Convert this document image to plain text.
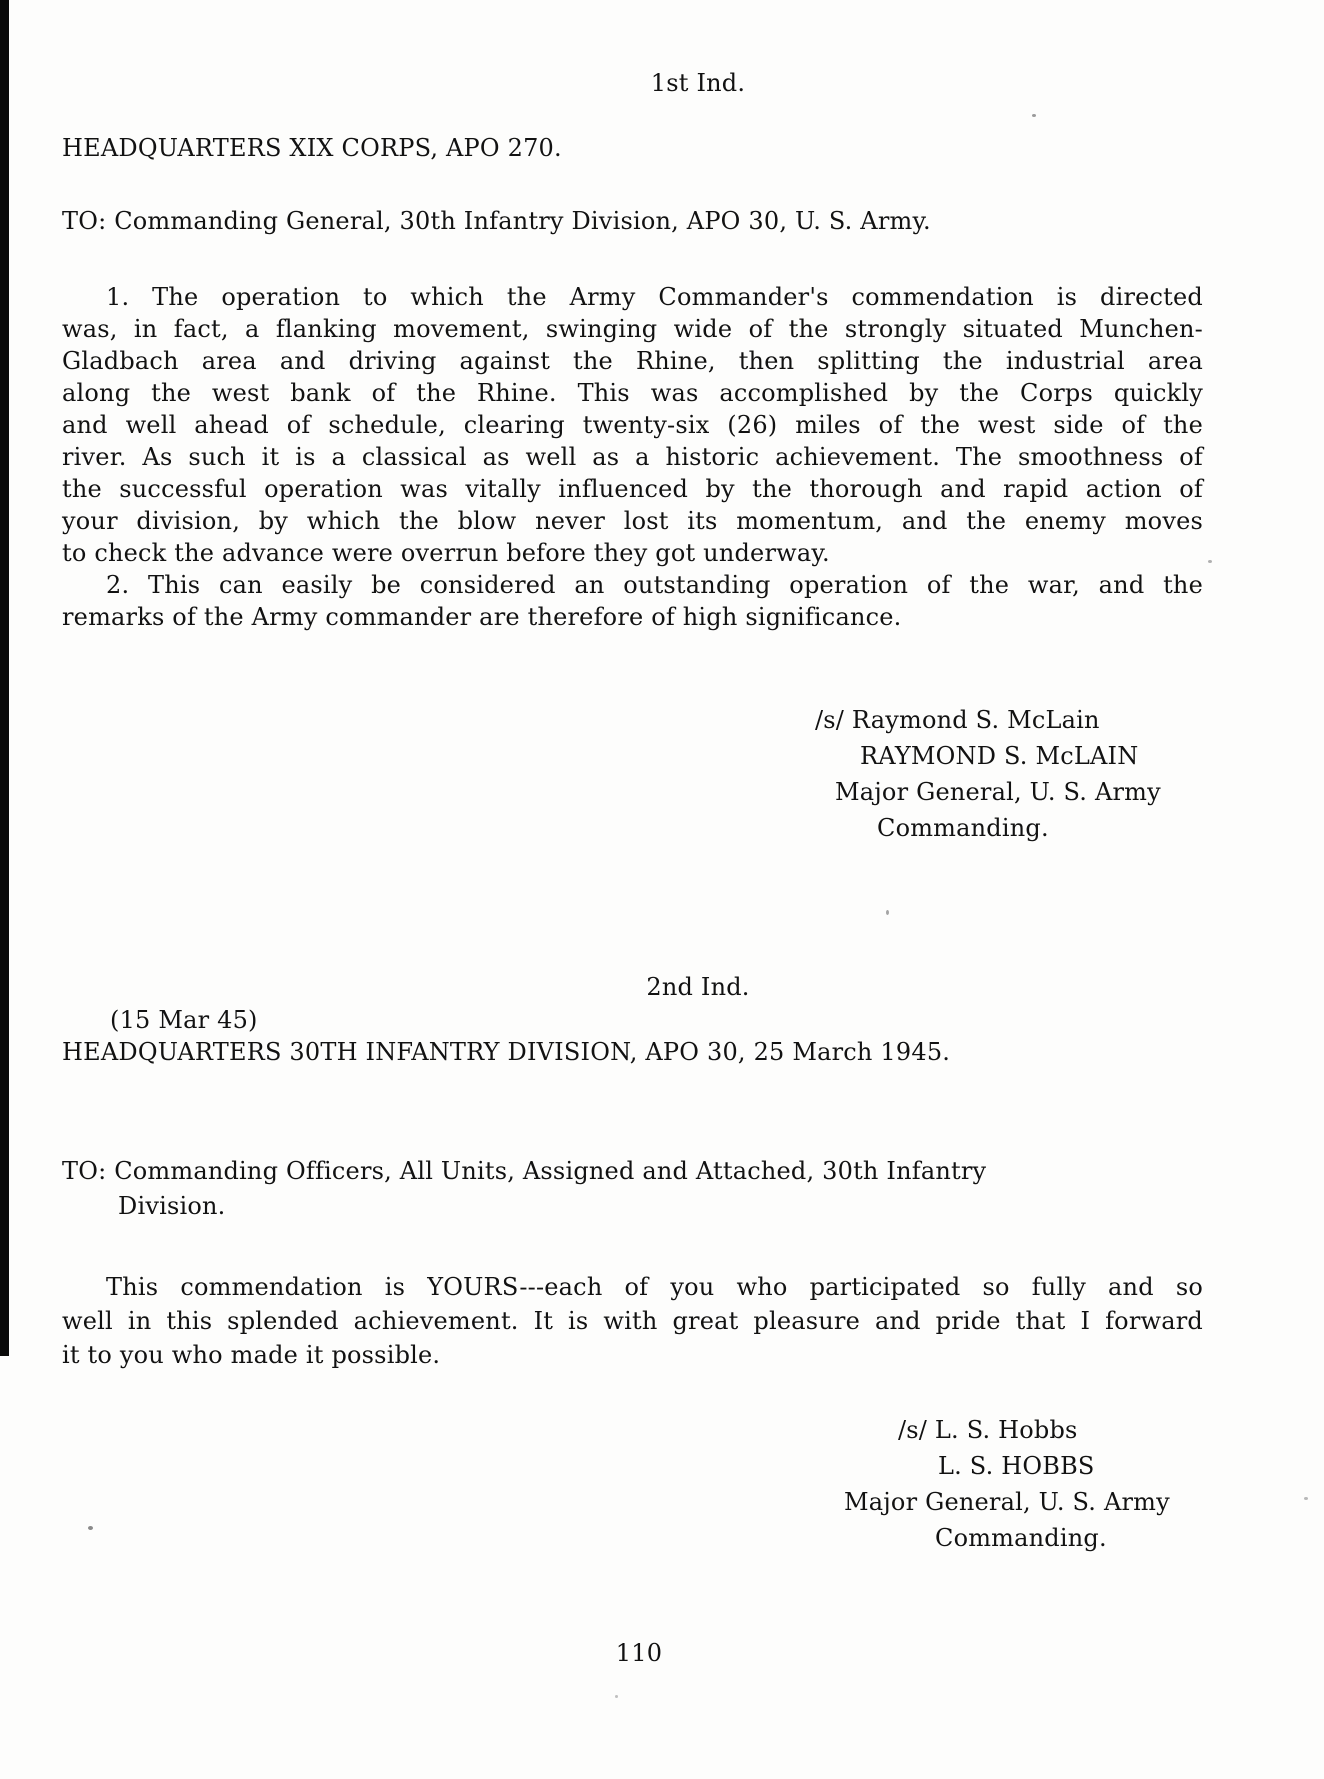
1st Ind.
HEADQUARTERS XIX CORPS, APO 270.
TO: Commanding General, 30th Infantry Division, APO 30, U. S. Army.
1. The operation to which the Army Commander's commendation is directed
was, in fact, a flanking movement, swinging wide of the strongly situated Munchen-
Gladbach area and driving against the Rhine, then splitting the industrial area
along the west bank of the Rhine. This was accomplished by the Corps quickly
and well ahead of schedule, clearing twenty-six (26) miles of the west side of the
river. As such it is a classical as well as a historic achievement. The smoothness of
the successful operation was vitally influenced by the thorough and rapid action of
your division, by which the blow never lost its momentum, and the enemy moves
to check the advance were overrun before they got underway.
2. This can easily be considered an outstanding operation of the war, and the
remarks of the Army commander are therefore of high significance.
/s/ Raymond S. McLain
RAYMOND S. McLAIN
Major General, U. S. Army
Commanding.
2nd Ind.
(15 Mar 45)
HEADQUARTERS 30TH INFANTRY DIVISION, APO 30, 25 March 1945.
TO: Commanding Officers, All Units, Assigned and Attached, 30th Infantry
Division.
This commendation is YOURS---each of you who participated so fully and so
well in this splended achievement. It is with great pleasure and pride that I forward
it to you who made it possible.
/s/ L. S. Hobbs
L. S. HOBBS
Major General, U. S. Army
Commanding.
110
